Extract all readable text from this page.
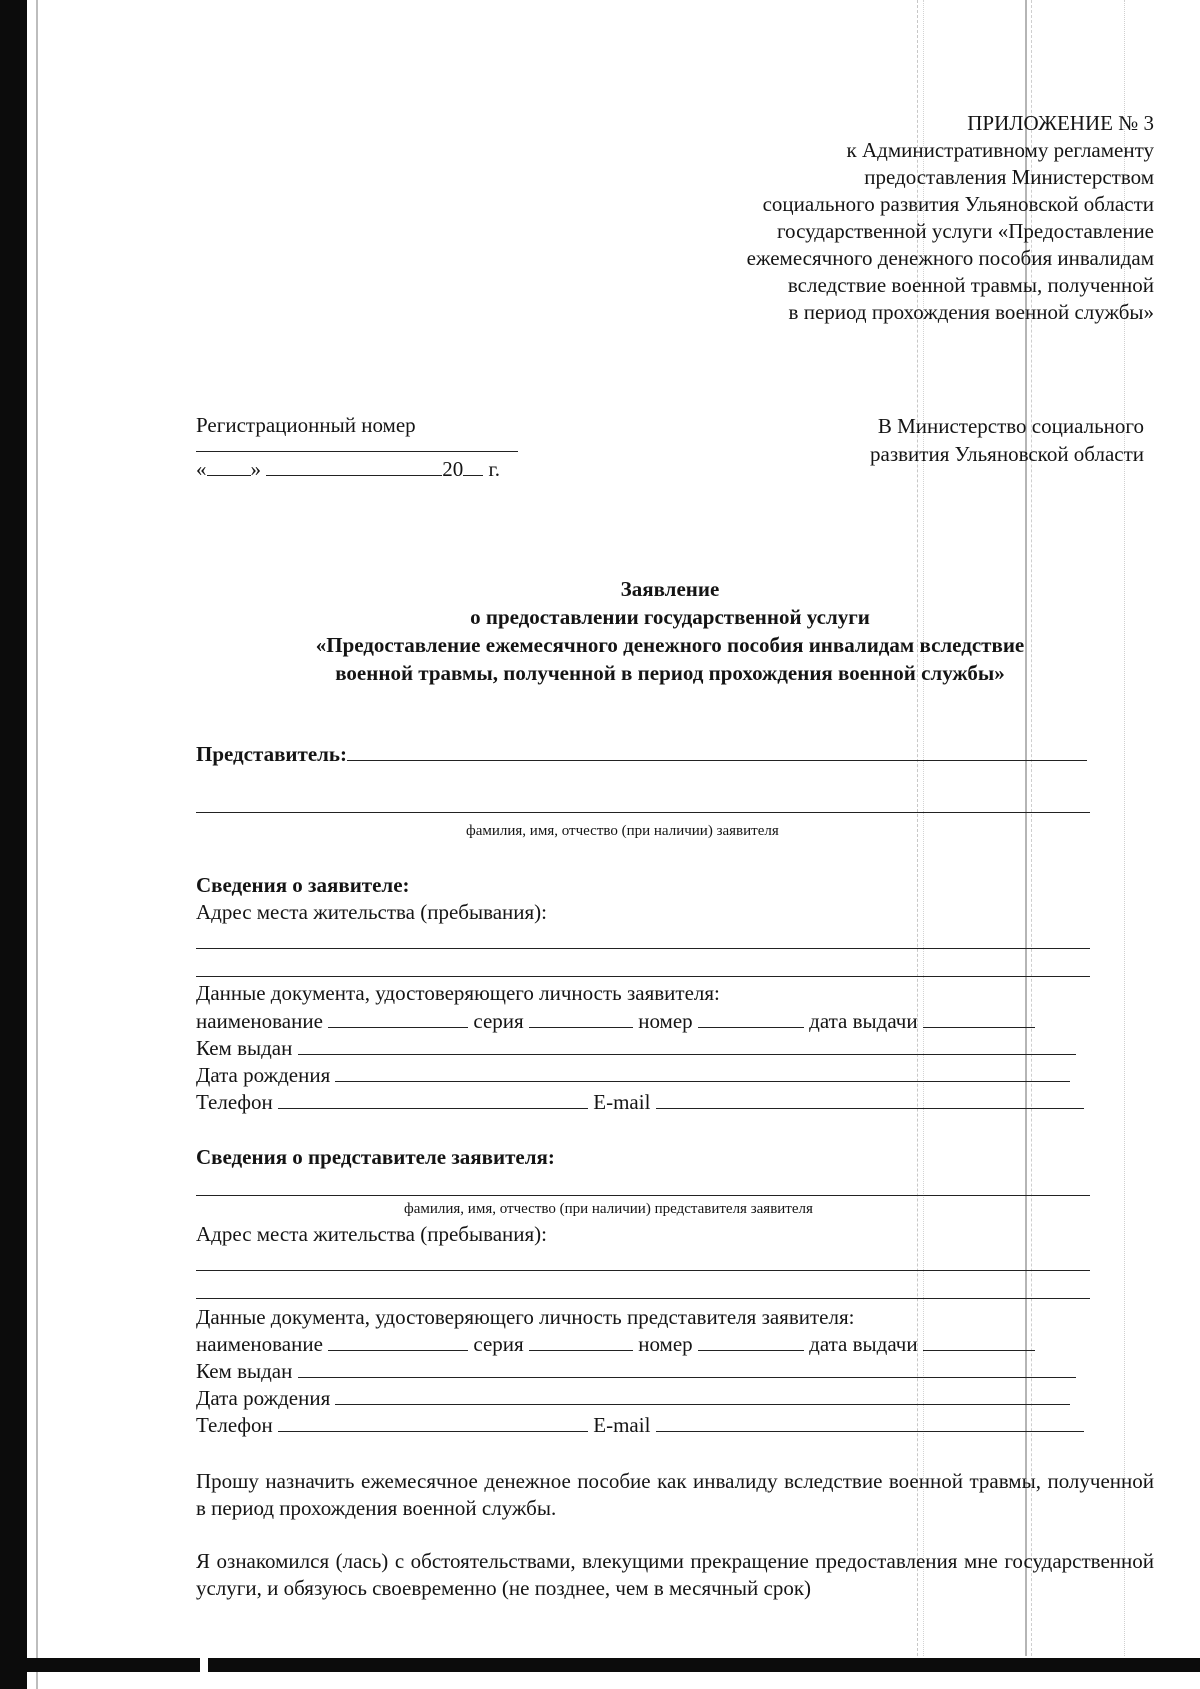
ПРИЛОЖЕНИЕ № 3
к Административному регламенту
предоставления Министерством
социального развития Ульяновской области
государственной услуги «Предоставление
ежемесячного денежного пособия инвалидам
вследствие военной травмы, полученной
в период прохождения военной службы»
Регистрационный номер
« »	20 г.
В Министерство социального
развития Ульяновской области
Заявление
о предоставлении государственной услуги
«Предоставление ежемесячного денежного пособия инвалидам вследствие
военной травмы, полученной в период прохождения военной службы»
Представитель:
фамилия, имя, отчество (при наличии) заявителя
Сведения о заявителе:
Адрес места жительства (пребывания):
Данные документа, удостоверяющего личность заявителя:
наименование	серия	номер	дата выдачи
Кем выдан
Дата рождения
Телефон	E-mail
Сведения о представителе заявителя:
фамилия, имя, отчество (при наличии) представителя заявителя
Адрес места жительства (пребывания):
Данные документа, удостоверяющего личность представителя заявителя:
наименование	серия	номер	дата выдачи
Кем выдан
Дата рождения
Телефон	E-mail
Прошу назначить ежемесячное денежное пособие как инвалиду вследствие военной травмы, полученной в период прохождения военной службы.
Я ознакомился (лась) с обстоятельствами, влекущими прекращение предоставления мне государственной услуги, и обязуюсь своевременно (не позднее, чем в месячный срок)
